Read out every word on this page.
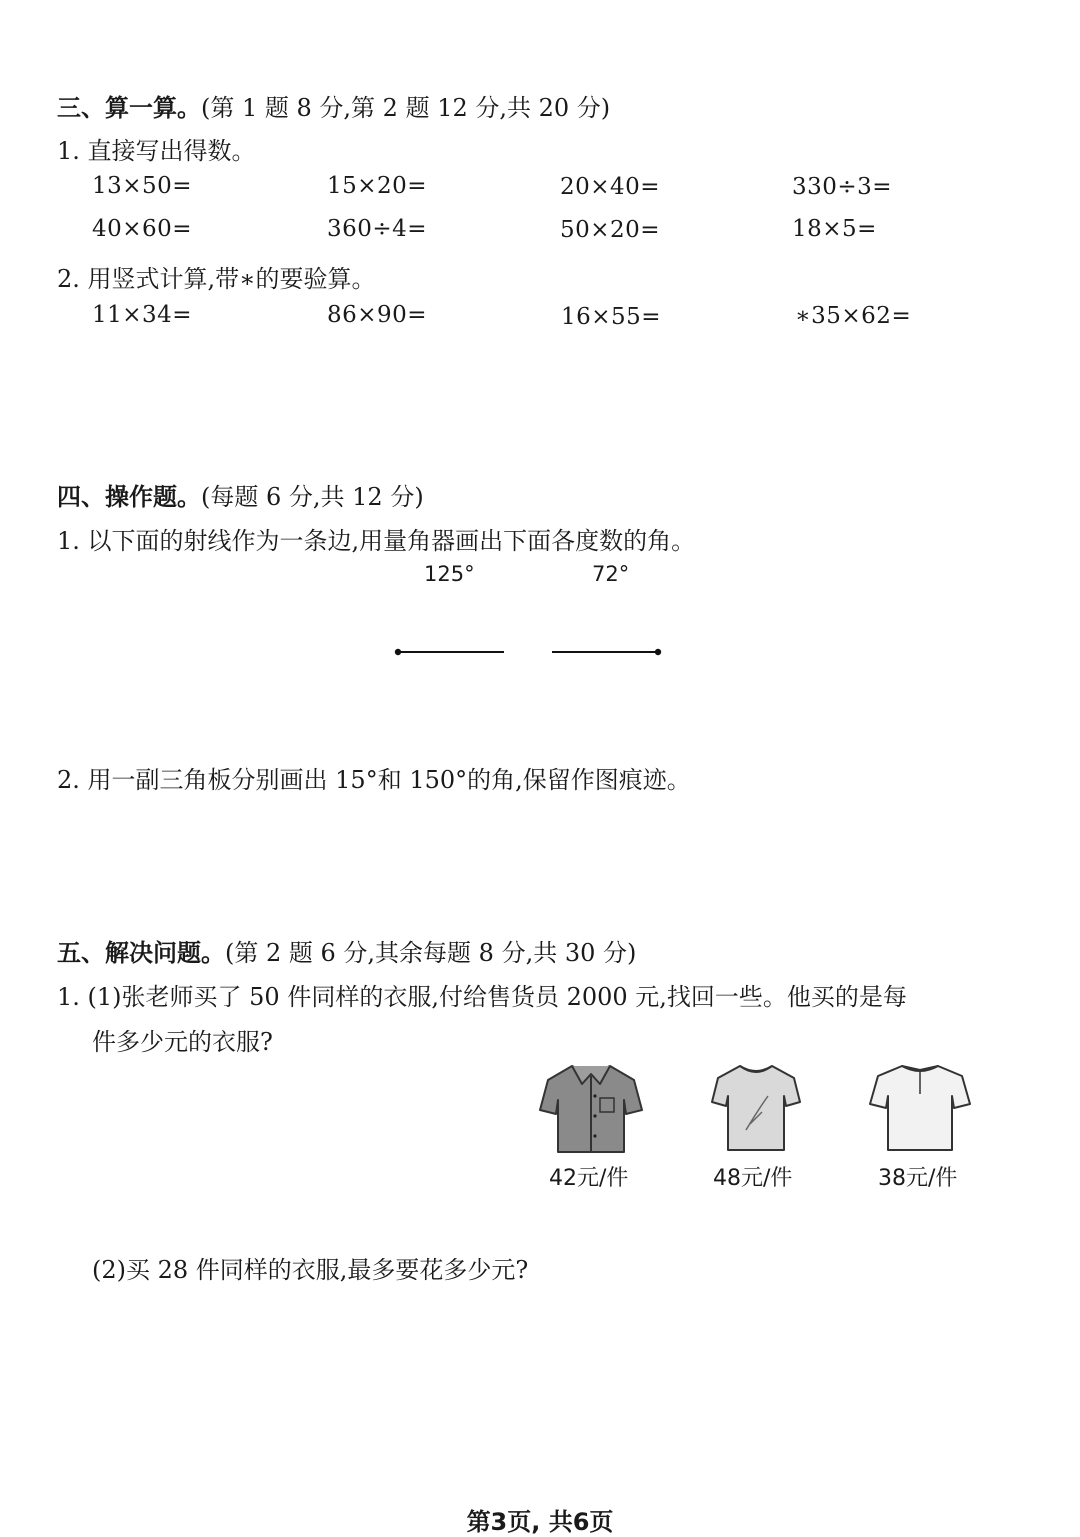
三、算一算。(第 1 题 8 分,第 2 题 12 分,共 20 分)
1. 直接写出得数。
13×50=	15×20=	20×40=	330÷3=
40×60=	360÷4=	50×20=	18×5=
2. 用竖式计算,带∗的要验算。
11×34=	86×90=	16×55=	∗35×62=
四、操作题。(每题 6 分,共 12 分)
1. 以下面的射线作为一条边,用量角器画出下面各度数的角。
125°	72°
2. 用一副三角板分别画出 15°和 150°的角,保留作图痕迹。
五、解决问题。(第 2 题 6 分,其余每题 8 分,共 30 分)
1. (1)张老师买了 50 件同样的衣服,付给售货员 2000 元,找回一些。他买的是每
件多少元的衣服?
42元/件	48元/件	38元/件
(2)买 28 件同样的衣服,最多要花多少元?
第3页, 共6页
